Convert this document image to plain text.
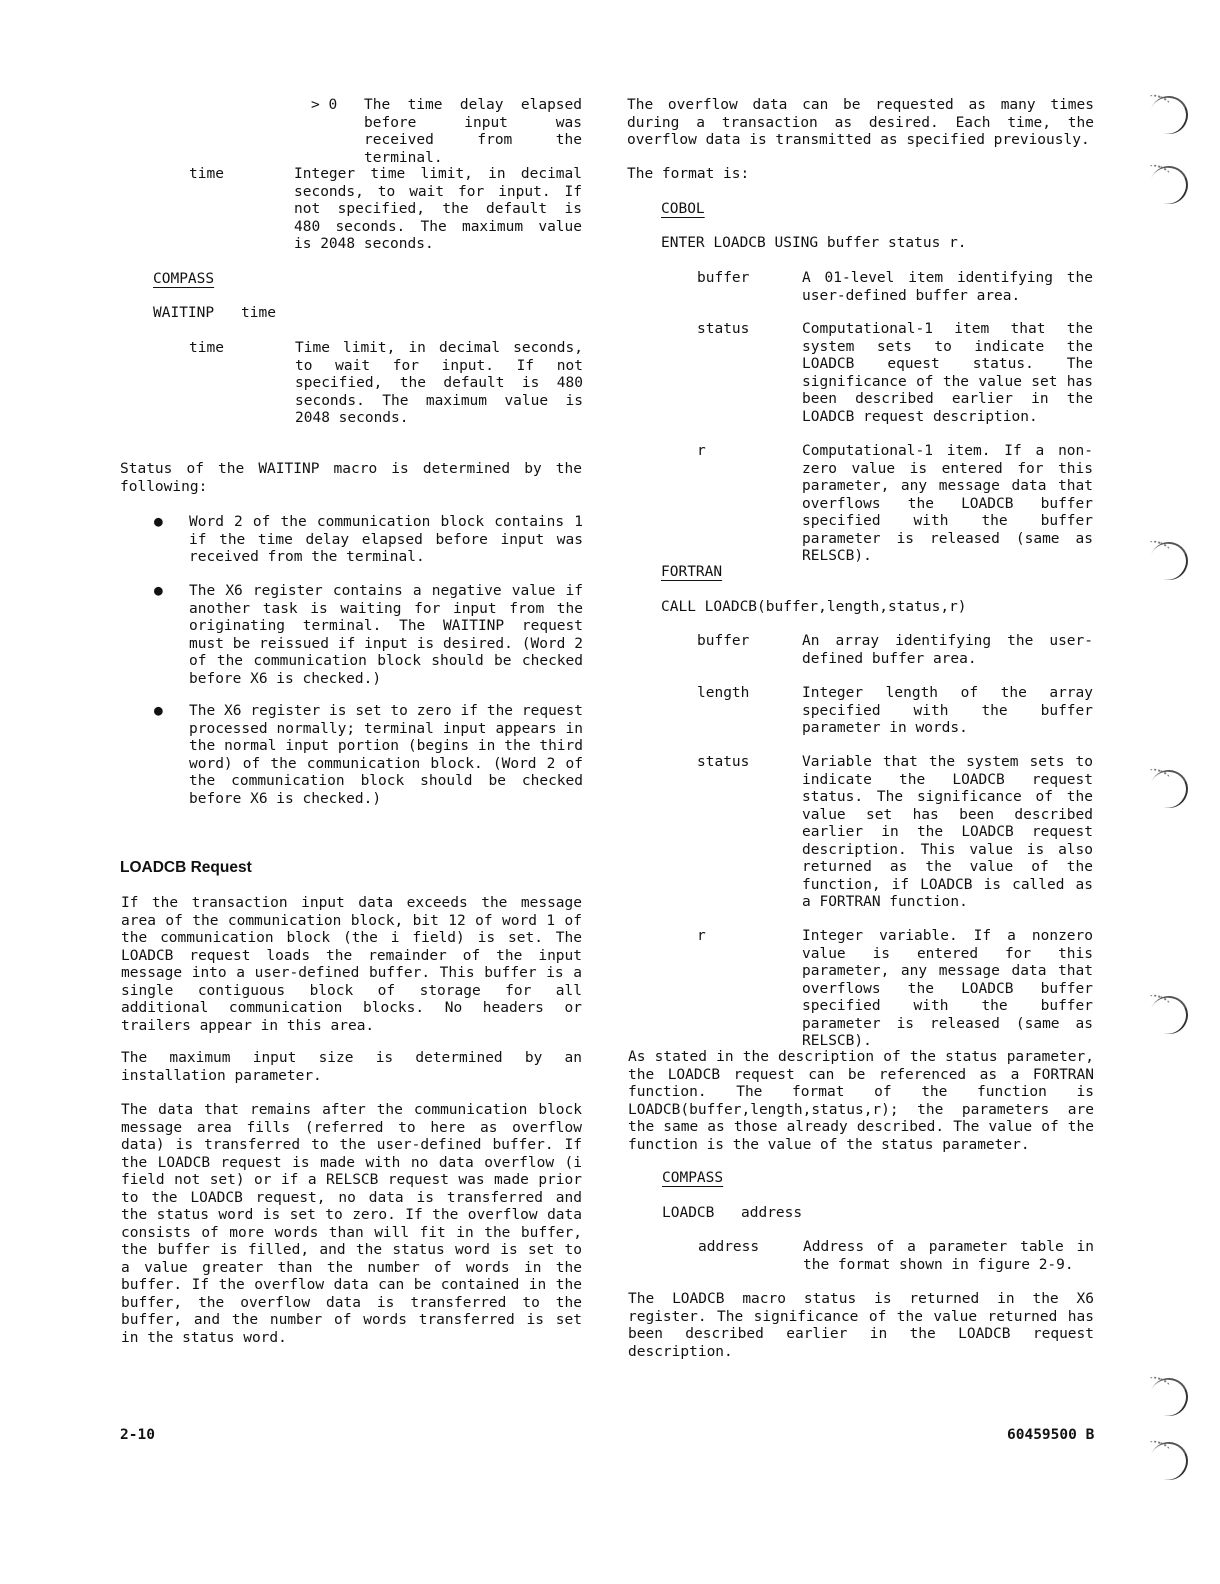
> 0 The time delay elapsed before input was received from the terminal.
time	Integer time limit, in decimal seconds, to wait for input. If not specified, the default is 480 seconds. The maximum value is 2048 seconds.
COMPASS
WAITINP time
time	Time limit, in decimal seconds, to wait for input. If not specified, the default is 480 seconds. The maximum value is 2048 seconds.
Status of the WAITINP macro is determined by the following:
● Word 2 of the communication block contains 1 if the time delay elapsed before input was received from the terminal.
● The X6 register contains a negative value if another task is waiting for input from the originating terminal. The WAITINP request must be reissued if input is desired. (Word 2 of the communication block should be checked before X6 is checked.)
● The X6 register is set to zero if the request processed normally; terminal input appears in the normal input portion (begins in the third word) of the communication block. (Word 2 of the communication block should be checked before X6 is checked.)
LOADCB Request
If the transaction input data exceeds the message area of the communication block, bit 12 of word 1 of the communication block (the i field) is set. The LOADCB request loads the remainder of the input message into a user-defined buffer. This buffer is a single contiguous block of storage for all additional communication blocks. No headers or trailers appear in this area.
The maximum input size is determined by an installation parameter.
The data that remains after the communication block message area fills (referred to here as overflow data) is transferred to the user-defined buffer. If the LOADCB request is made with no data overflow (i field not set) or if a RELSCB request was made prior to the LOADCB request, no data is transferred and the status word is set to zero. If the overflow data consists of more words than will fit in the buffer, the buffer is filled, and the status word is set to a value greater than the number of words in the buffer. If the overflow data can be contained in the buffer, the overflow data is transferred to the buffer, and the number of words transferred is set in the status word.
The overflow data can be requested as many times during a transaction as desired. Each time, the overflow data is transmitted as specified previously.
The format is:
COBOL
ENTER LOADCB USING buffer status r.
buffer	A 01-level item identifying the user-defined buffer area.
status	Computational-1 item that the system sets to indicate the LOADCB equest status. The significance of the value set has been described earlier in the LOADCB request description.
r	Computational-1 item. If a non-zero value is entered for this parameter, any message data that overflows the LOADCB buffer specified with the buffer parameter is released (same as RELSCB).
FORTRAN
CALL LOADCB(buffer,length,status,r)
buffer	An array identifying the user-defined buffer area.
length	Integer length of the array specified with the buffer parameter in words.
status	Variable that the system sets to indicate the LOADCB request status. The significance of the value set has been described earlier in the LOADCB request description. This value is also returned as the value of the function, if LOADCB is called as a FORTRAN function.
r	Integer variable. If a nonzero value is entered for this parameter, any message data that overflows the LOADCB buffer specified with the buffer parameter is released (same as RELSCB).
As stated in the description of the status parameter, the LOADCB request can be referenced as a FORTRAN function. The format of the function is LOADCB(buffer,length,status,r); the parameters are the same as those already described. The value of the function is the value of the status parameter.
COMPASS
LOADCB address
address	Address of a parameter table in the format shown in figure 2-9.
The LOADCB macro status is returned in the X6 register. The significance of the value returned has been described earlier in the LOADCB request description.
2-10	60459500 B
